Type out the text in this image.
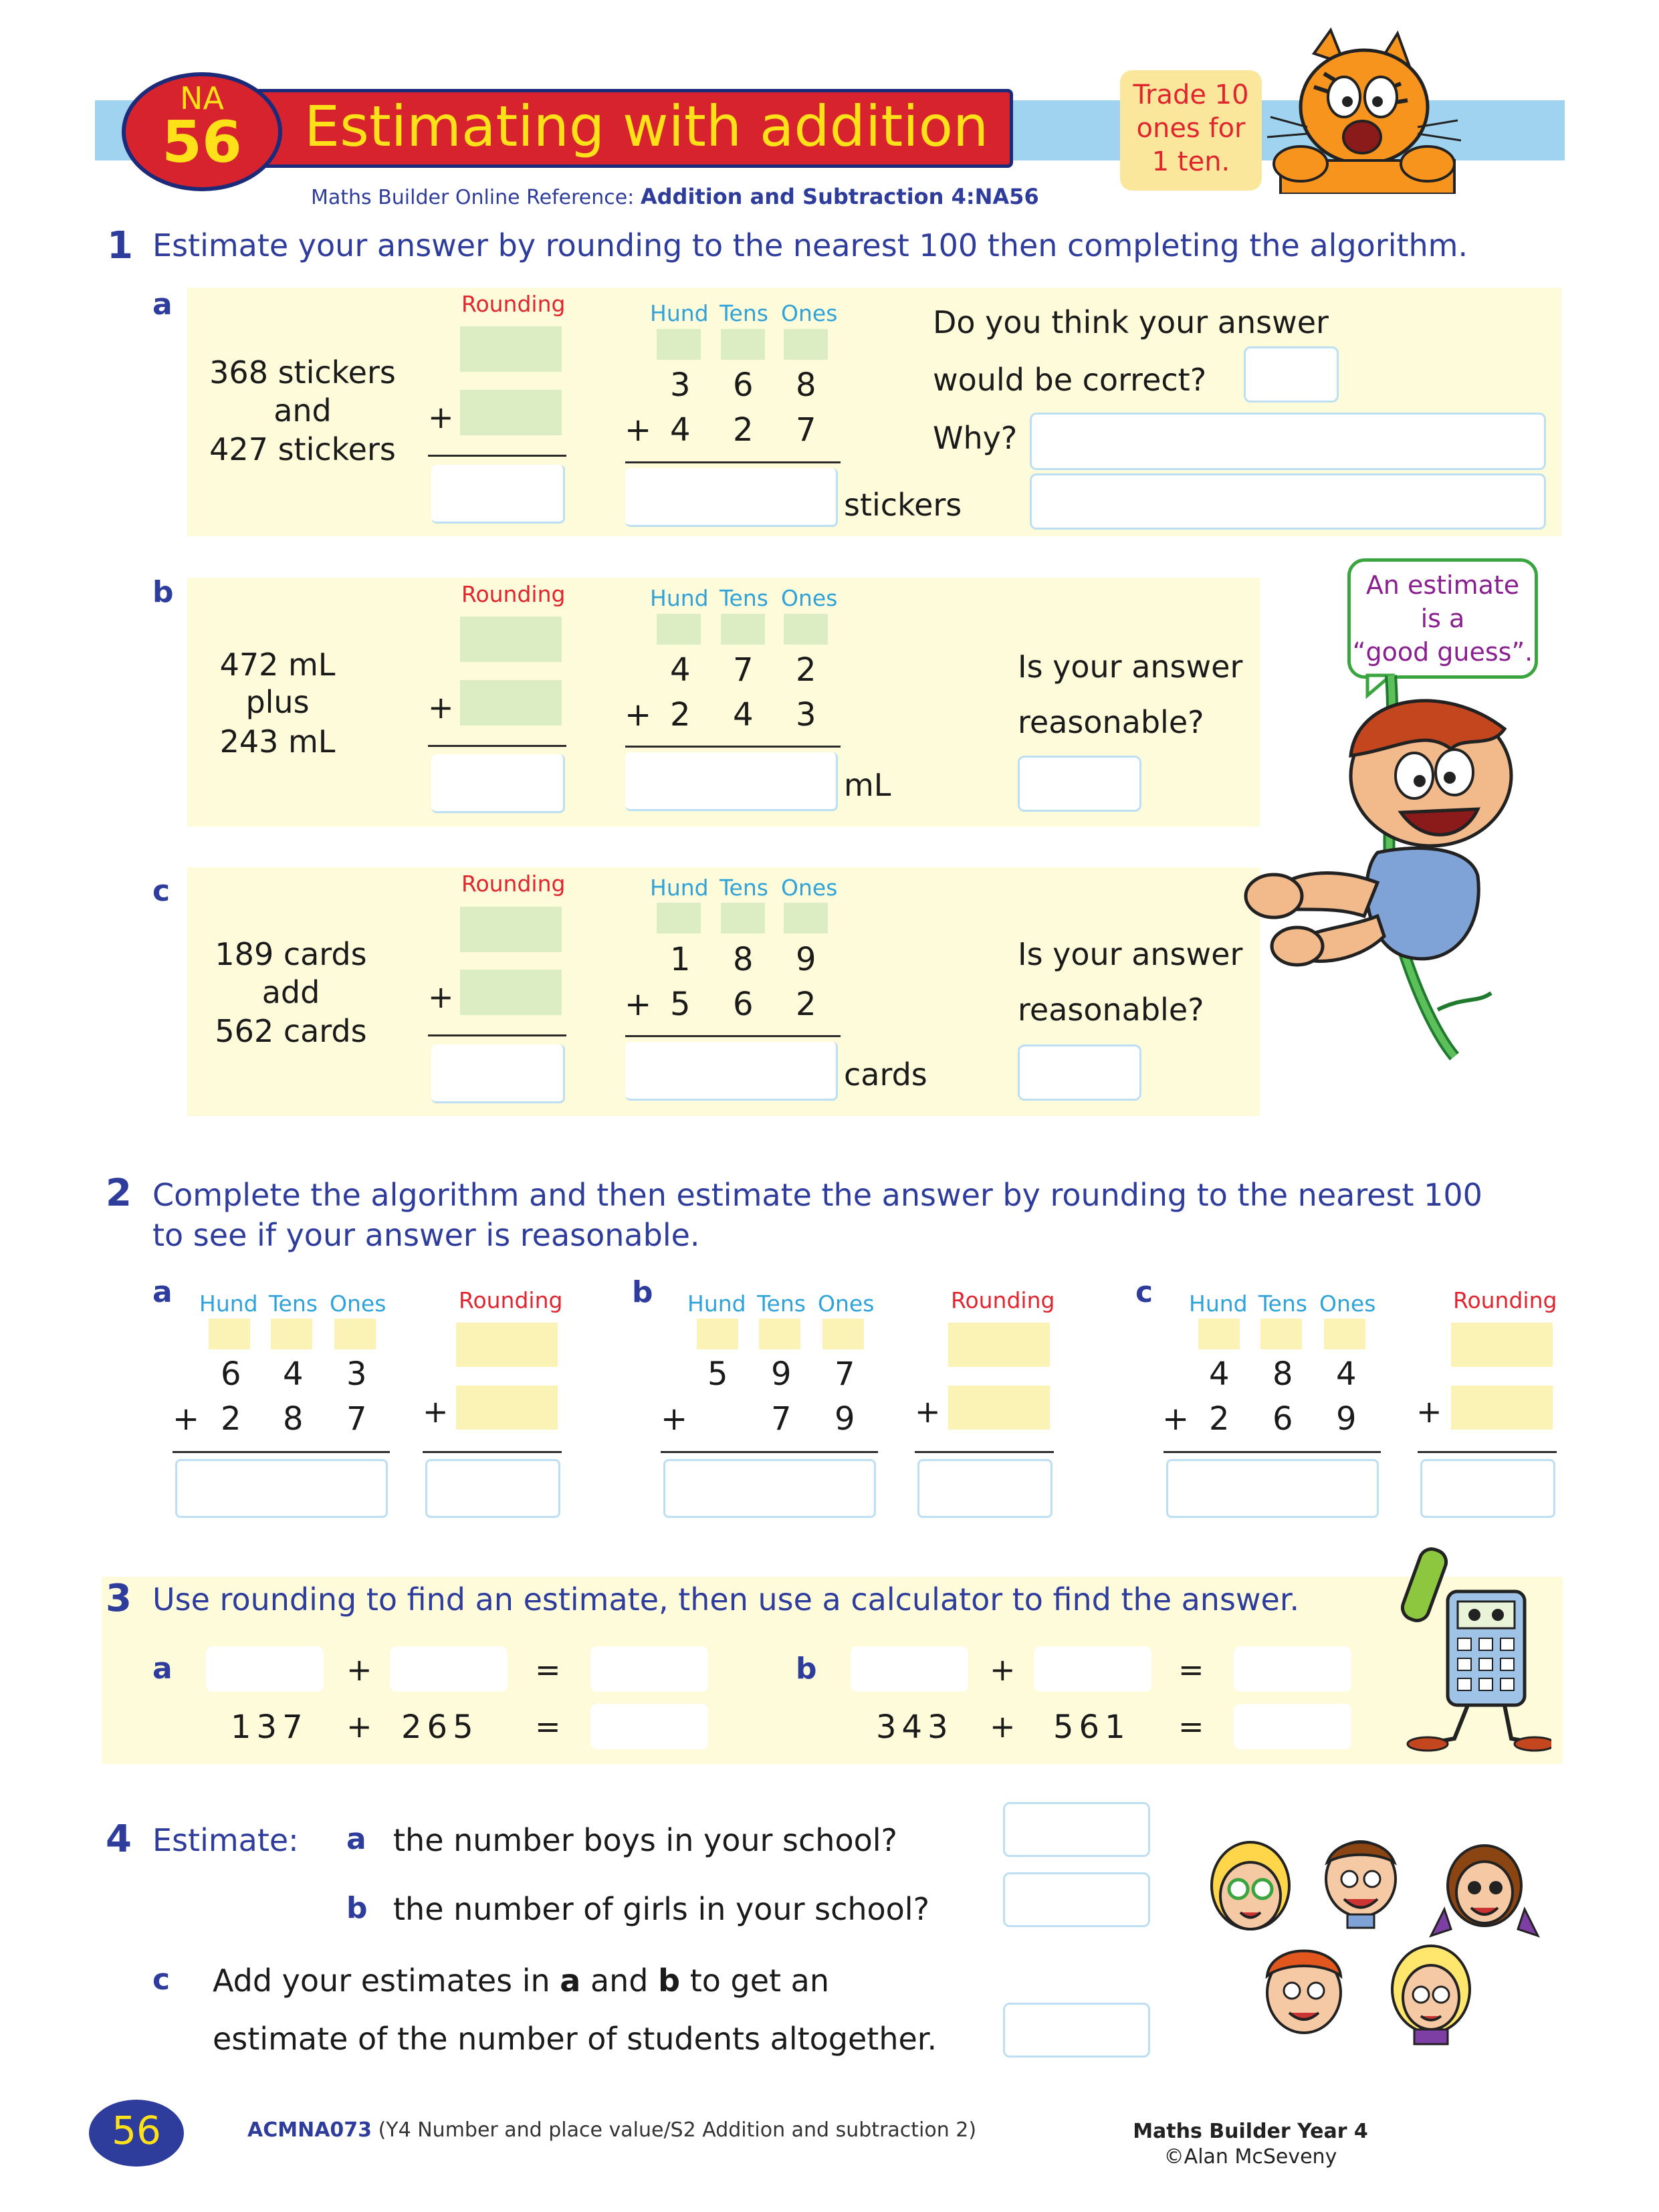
Estimating with addition
NA
56
Maths Builder Online Reference: Addition and Subtraction 4:NA56
Trade 10
ones for
1 ten.
1 Estimate your answer by rounding to the nearest 100 then completing the algorithm.
a
368 stickers
and
427 stickers
Rounding
+
Hund Tens Ones
3 6 8
+ 4 2 7
stickers
Do you think your answer
would be correct?
Why?
b
472 mL
plus
243 mL
Rounding
+
Hund Tens Ones
4 7 2
+ 2 4 3
mL
Is your answer
reasonable?
c
189 cards
add
562 cards
Rounding
+
Hund Tens Ones
1 8 9
+ 5 6 2
cards
Is your answer
reasonable?
An estimate
is a
“good guess”.
2 Complete the algorithm and then estimate the answer by rounding to the nearest 100
to see if your answer is reasonable.
a Hund Tens Ones
6 4 3
+ 2 8 7
Rounding
+
b Hund Tens Ones
5 9 7
+	7 9
Rounding
+
c Hund Tens Ones
4 8 4
+ 2 6 9
Rounding
+
3 Use rounding to find an estimate, then use a calculator to find the answer.
a	+	=
137 + 265 =
b	+	=
343 + 561 =
4 Estimate: a the number boys in your school?
b the number of girls in your school?
c Add your estimates in a and b to get an
estimate of the number of students altogether.
56	ACMNA073 (Y4 Number and place value/S2 Addition and subtraction 2)	Maths Builder Year 4
©Alan McSeveny
